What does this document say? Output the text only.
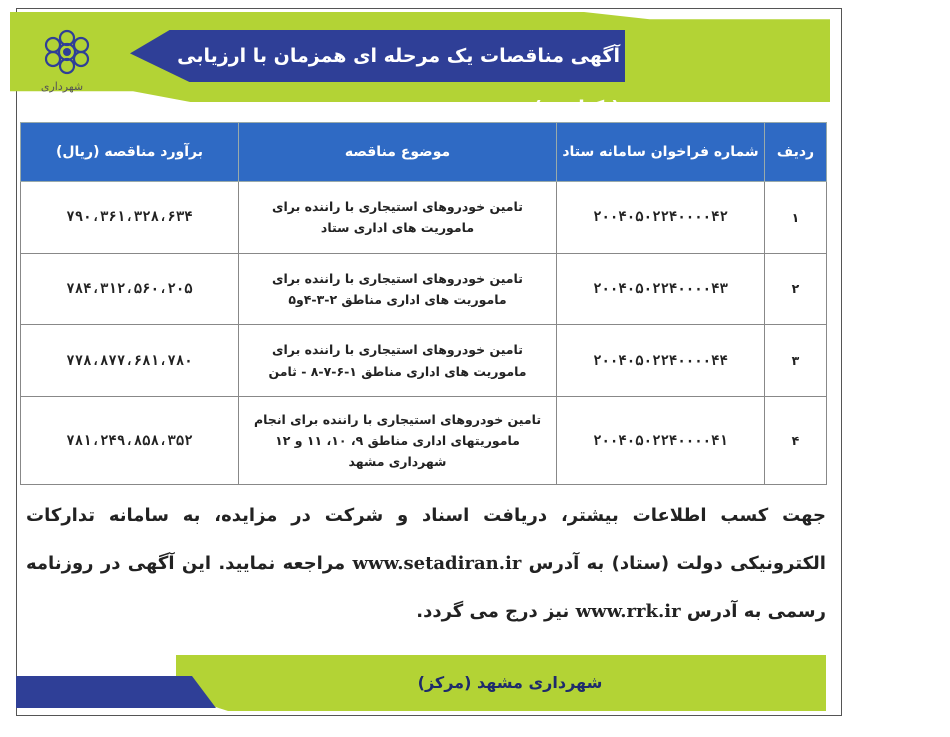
آگهی مناقصات یک مرحله ای همزمان با ارزیابی (یکپارچه)
شهرداری
ردیف	شماره فراخوان سامانه ستاد	موضوع مناقصه	برآورد مناقصه (ریال)
۱	۲۰۰۴۰۵۰۲۲۴۰۰۰۰۴۲	تامین خودروهای استیجاری با راننده برای ماموریت های اداری ستاد	۷۹۰،۳۶۱،۳۲۸،۶۳۴
۲	۲۰۰۴۰۵۰۲۲۴۰۰۰۰۴۳	تامین خودروهای استیجاری با راننده برای ماموریت های اداری مناطق ۲-۳-۴و۵	۷۸۴،۳۱۲،۵۶۰،۲۰۵
۳	۲۰۰۴۰۵۰۲۲۴۰۰۰۰۴۴	تامین خودروهای استیجاری با راننده برای ماموریت های اداری مناطق ۱-۶-۷-۸ - ثامن	۷۷۸،۸۷۷،۶۸۱،۷۸۰
۴	۲۰۰۴۰۵۰۲۲۴۰۰۰۰۴۱	تامین خودروهای استیجاری با راننده برای انجام ماموریتهای اداری مناطق ۹، ۱۰، ۱۱ و ۱۲ شهرداری مشهد	۷۸۱،۲۴۹،۸۵۸،۳۵۲
جهت کسب اطلاعات بیشتر، دریافت اسناد و شرکت در مزایده، به سامانه تدارکات الکترونیکی دولت (ستاد) به آدرس www.setadiran.ir مراجعه نمایید. این آگهی در روزنامه رسمی به آدرس www.rrk.ir نیز درج می گردد.
شهرداری مشهد (مرکز)
